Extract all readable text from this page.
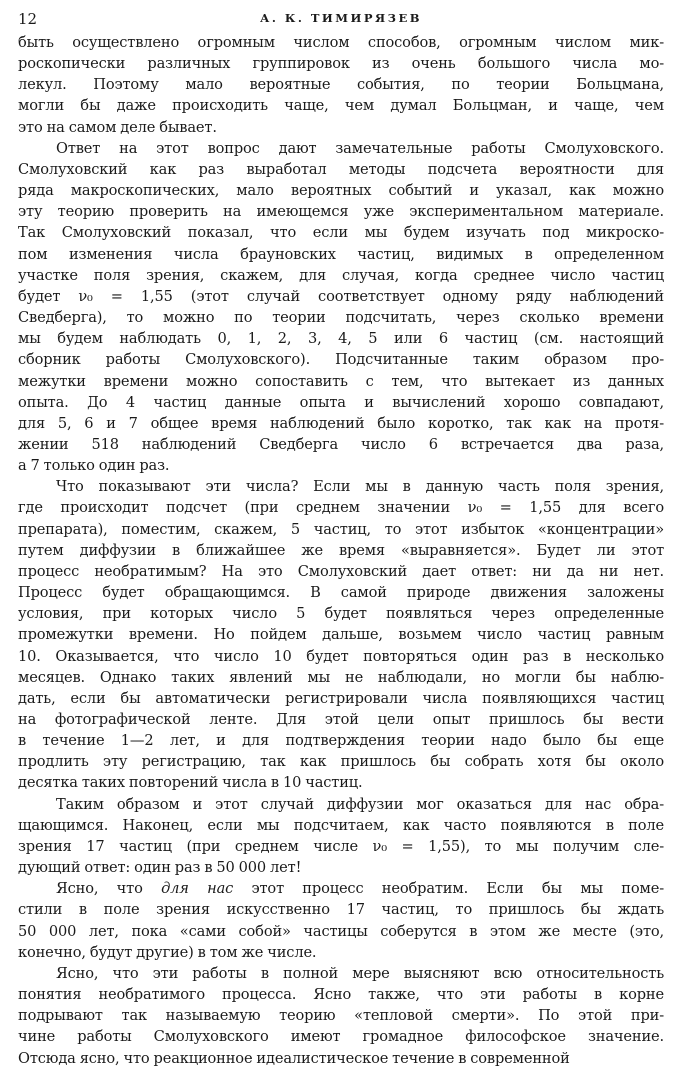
12	А. К. ТИМИРЯЗЕВ

быть осуществлено огромным числом способов, огромным числом мик-
роскопически различных группировок из очень большого числа мо-
лекул. Поэтому мало вероятные события, по теории Больцмана,
могли бы даже происходить чаще, чем думал Больцман, и чаще, чем
это на самом деле бывает.

Ответ на этот вопрос дают замечательные работы Смолуховского.
Смолуховский как раз выработал методы подсчета вероятности для
ряда макроскопических, мало вероятных событий и указал, как можно
эту теорию проверить на имеющемся уже экспериментальном материале.
Так Смолуховский показал, что если мы будем изучать под микроско-
пом изменения числа брауновских частиц, видимых в определенном
участке поля зрения, скажем, для случая, когда среднее число частиц
будет ν₀ = 1,55 (этот случай соответствует одному ряду наблюдений
Сведберга), то можно по теории подсчитать, через сколько времени
мы будем наблюдать 0, 1, 2, 3, 4, 5 или 6 частиц (см. настоящий
сборник работы Смолуховского). Подсчитанные таким образом про-
межутки времени можно сопоставить с тем, что вытекает из данных
опыта. До 4 частиц данные опыта и вычислений хорошо совпадают,
для 5, 6 и 7 общее время наблюдений было коротко, так как на протя-
жении 518 наблюдений Сведберга число 6 встречается два раза,
а 7 только один раз.

Что показывают эти числа? Если мы в данную часть поля зрения,
где происходит подсчет (при среднем значении ν₀ = 1,55 для всего
препарата), поместим, скажем, 5 частиц, то этот избыток «концентрации»
путем диффузии в ближайшее же время «выравняется». Будет ли этот
процесс необратимым? На это Смолуховский дает ответ: ни да ни нет.
Процесс будет обращающимся. В самой природе движения заложены
условия, при которых число 5 будет появляться через определенные
промежутки времени. Но пойдем дальше, возьмем число частиц равным
10. Оказывается, что число 10 будет повторяться один раз в несколько
месяцев. Однако таких явлений мы не наблюдали, но могли бы наблю-
дать, если бы автоматически регистрировали числа появляющихся частиц
на фотографической ленте. Для этой цели опыт пришлось бы вести
в течение 1—2 лет, и для подтверждения теории надо было бы еще
продлить эту регистрацию, так как пришлось бы собрать хотя бы около
десятка таких повторений числа в 10 частиц.

Таким образом и этот случай диффузии мог оказаться для нас обра-
щающимся. Наконец, если мы подсчитаем, как часто появляются в поле
зрения 17 частиц (при среднем числе ν₀ = 1,55), то мы получим сле-
дующий ответ: один раз в 50 000 лет!

Ясно, что для нас этот процесс необратим. Если бы мы поме-
стили в поле зрения искусственно 17 частиц, то пришлось бы ждать
50 000 лет, пока «сами собой» частицы соберутся в этом же месте (это,
конечно, будут другие) в том же числе.

Ясно, что эти работы в полной мере выясняют всю относительность
понятия необратимого процесса. Ясно также, что эти работы в корне
подрывают так называемую теорию «тепловой смерти». По этой при-
чине работы Смолуховского имеют громадное философское значение.
Отсюда ясно, что реакционное идеалистическое течение в современной
